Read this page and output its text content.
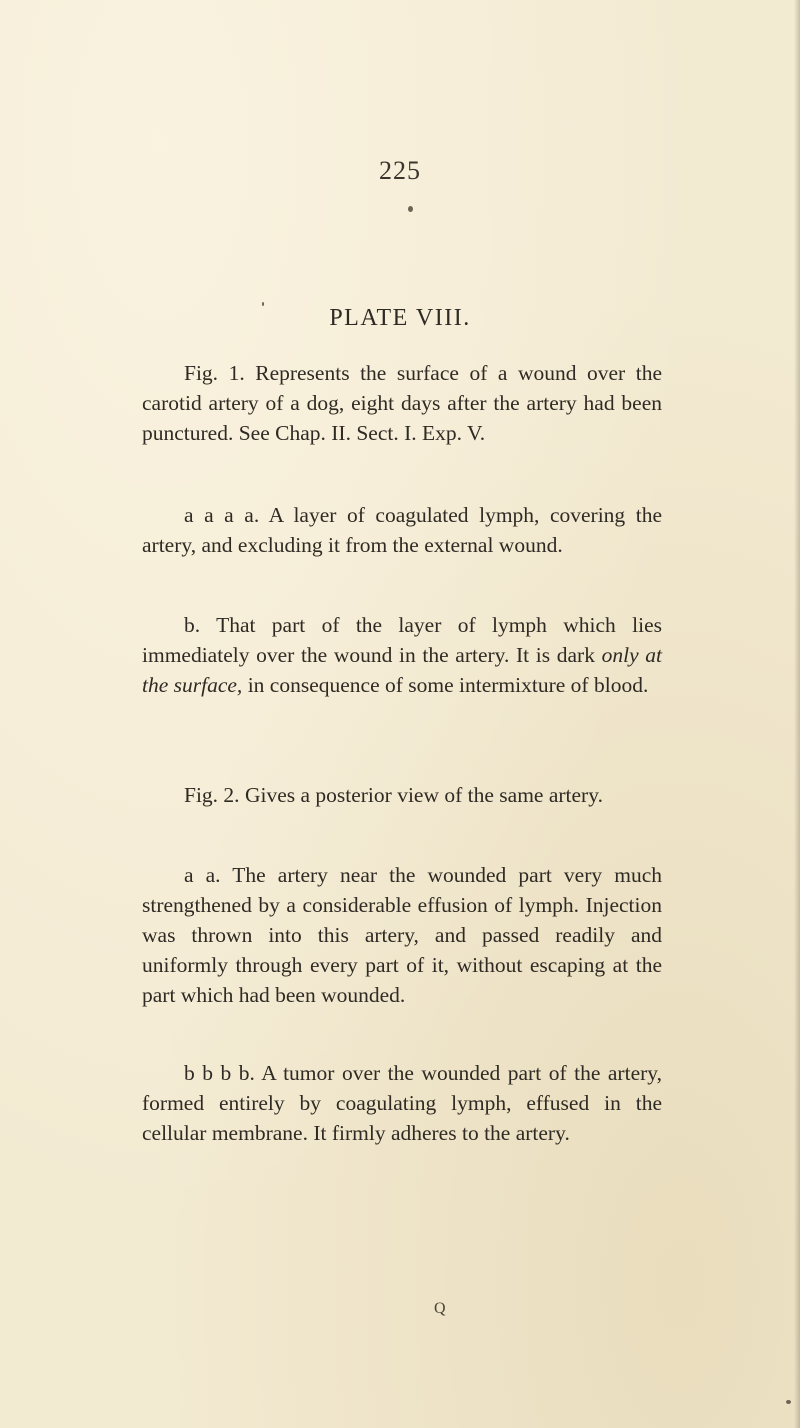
225
PLATE VIII.

Fig. 1. Represents the surface of a wound over the carotid artery of a dog, eight days after the artery had been punctured. See Chap. II. Sect. I. Exp. V.

a a a a. A layer of coagulated lymph, covering the artery, and excluding it from the external wound.

b. That part of the layer of lymph which lies immediately over the wound in the artery. It is dark only at the surface, in consequence of some intermixture of blood.

Fig. 2. Gives a posterior view of the same artery.

a a. The artery near the wounded part very much strengthened by a considerable effusion of lymph. Injection was thrown into this artery, and passed readily and uniformly through every part of it, without escaping at the part which had been wounded.

b b b b. A tumor over the wounded part of the artery, formed entirely by coagulating lymph, effused in the cellular membrane. It firmly adheres to the artery.

Q
